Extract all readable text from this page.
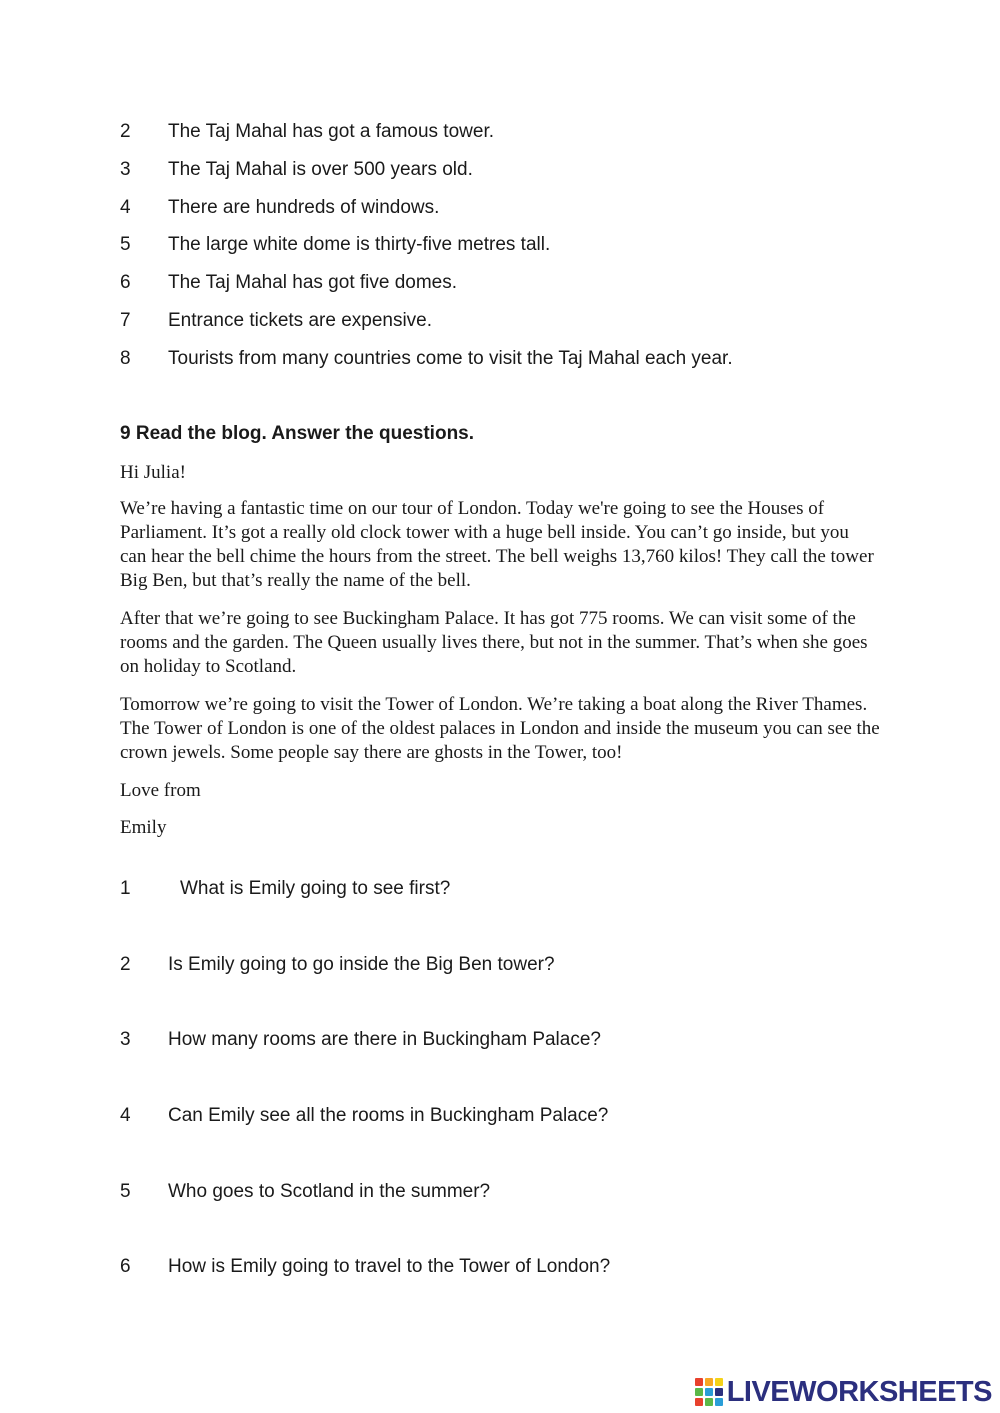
2 The Taj Mahal has got a famous tower.
3 The Taj Mahal is over 500 years old.
4 There are hundreds of windows.
5 The large white dome is thirty-five metres tall.
6 The Taj Mahal has got five domes.
7 Entrance tickets are expensive.
8 Tourists from many countries come to visit the Taj Mahal each year.
9 Read the blog. Answer the questions.

Hi Julia!

We’re having a fantastic time on our tour of London. Today we're going to see the Houses of Parliament. It’s got a really old clock tower with a huge bell inside. You can’t go inside, but you can hear the bell chime the hours from the street. The bell weighs 13,760 kilos! They call the tower Big Ben, but that’s really the name of the bell.

After that we’re going to see Buckingham Palace. It has got 775 rooms. We can visit some of the rooms and the garden. The Queen usually lives there, but not in the summer. That’s when she goes on holiday to Scotland.

Tomorrow we’re going to visit the Tower of London. We’re taking a boat along the River Thames. The Tower of London is one of the oldest palaces in London and inside the museum you can see the crown jewels. Some people say there are ghosts in the Tower, too!

Love from

Emily

1	What is Emily going to see first?
2 Is Emily going to go inside the Big Ben tower?
3 How many rooms are there in Buckingham Palace?
4 Can Emily see all the rooms in Buckingham Palace?
5 Who goes to Scotland in the summer?
6 How is Emily going to travel to the Tower of London?
LIVEWORKSHEETS
